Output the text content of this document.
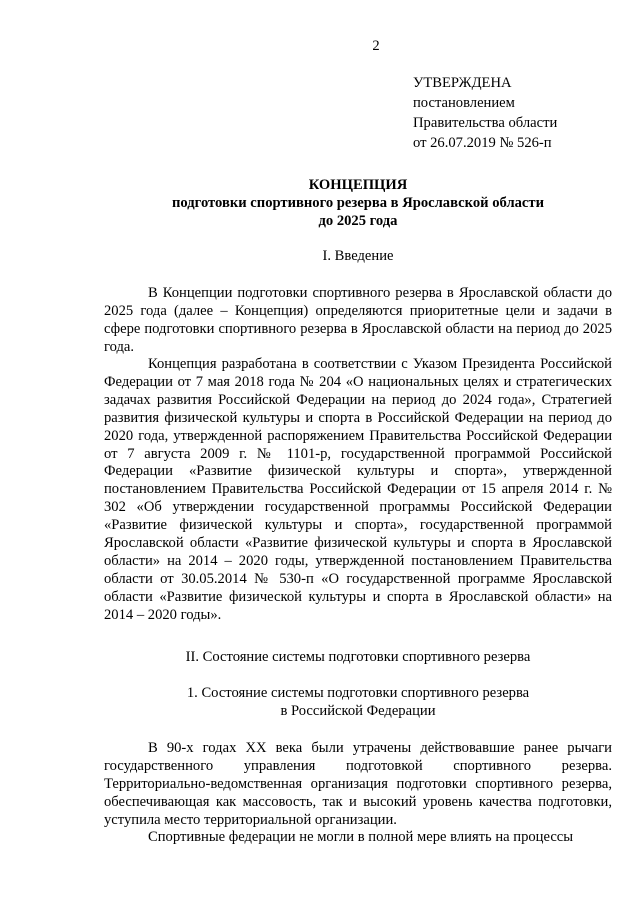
2
УТВЕРЖДЕНА
постановлением
Правительства области
от 26.07.2019 № 526-п
КОНЦЕПЦИЯ
подготовки спортивного резерва в Ярославской области
до 2025 года
I. Введение

В Концепции подготовки спортивного резерва в Ярославской области до 2025 года (далее – Концепция) определяются приоритетные цели и задачи в сфере подготовки спортивного резерва в Ярославской области на период до 2025 года.

Концепция разработана в соответствии с Указом Президента Российской Федерации от 7 мая 2018 года № 204 «О национальных целях и стратегических задачах развития Российской Федерации на период до 2024 года», Стратегией развития физической культуры и спорта в Российской Федерации на период до 2020 года, утвержденной распоряжением Правительства Российской Федерации от 7 августа 2009 г. № 1101-р, государственной программой Российской Федерации «Развитие физической культуры и спорта», утвержденной постановлением Правительства Российской Федерации от 15 апреля 2014 г. № 302 «Об утверждении государственной программы Российской Федерации «Развитие физической культуры и спорта», государственной программой Ярославской области «Развитие физической культуры и спорта в Ярославской области» на 2014 – 2020 годы, утвержденной постановлением Правительства области от 30.05.2014 № 530-п «О государственной программе Ярославской области «Развитие физической культуры и спорта в Ярославской области» на 2014 – 2020 годы».

II. Состояние системы подготовки спортивного резерва
1. Состояние системы подготовки спортивного резерва
в Российской Федерации

В 90-х годах XX века были утрачены действовавшие ранее рычаги государственного управления подготовкой спортивного резерва. Территориально-ведомственная организация подготовки спортивного резерва, обеспечивающая как массовость, так и высокий уровень качества подготовки, уступила место территориальной организации.

Спортивные федерации не могли в полной мере влиять на процессы
